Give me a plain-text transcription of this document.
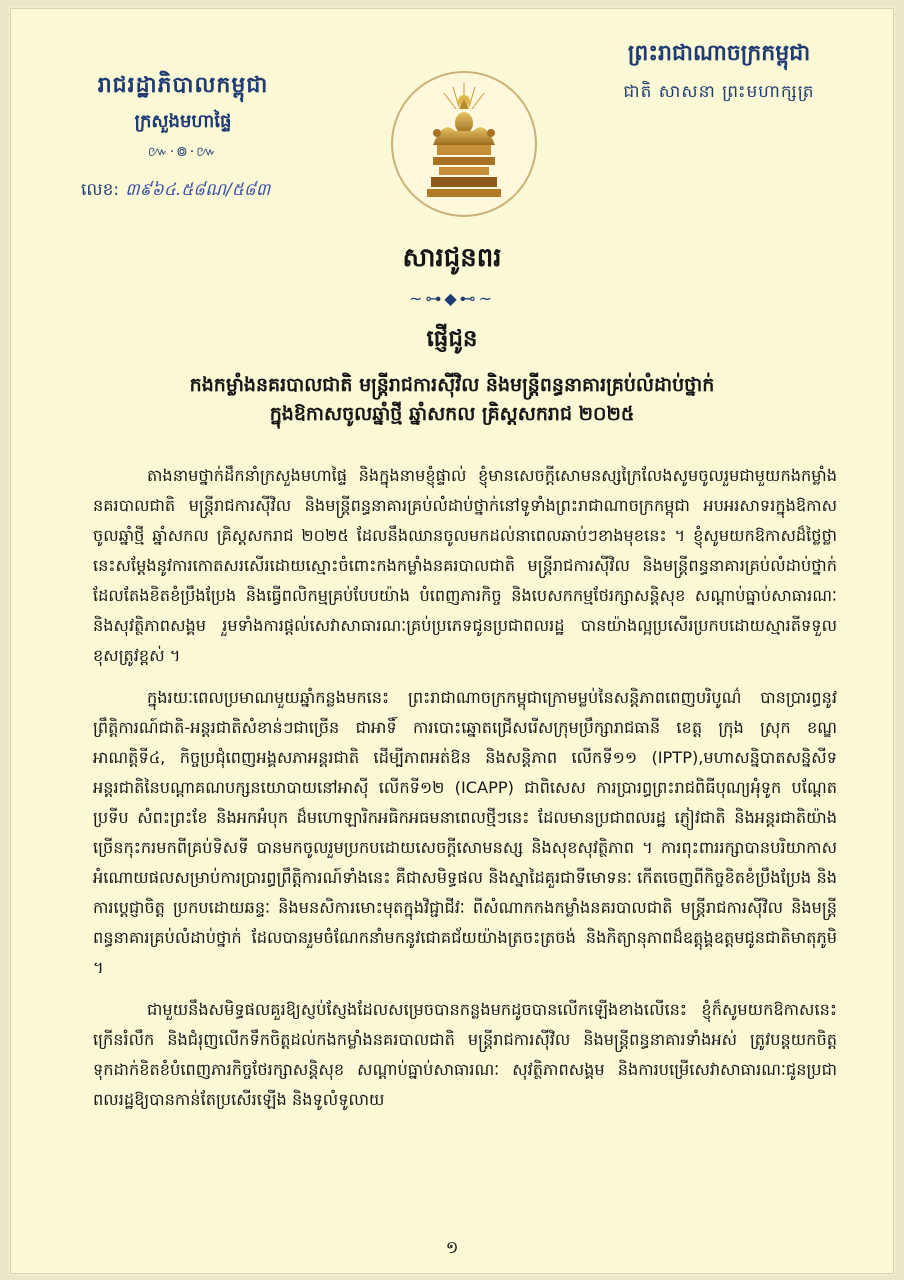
រាជរដ្ឋាភិបាលកម្ពុជា
ក្រសួងមហាផ្ទៃ
៚·៙·៚
លេខ: ៣៩៦៤.៥៨ណ/៥៨៣
ព្រះរាជាណាចក្រកម្ពុជា
ជាតិ សាសនា ព្រះមហាក្សត្រ
សារជូនពរ
~⊶◆⊷~
ផ្ញើជូន
កងកម្លាំងនគរបាលជាតិ មន្ត្រីរាជការស៊ីវិល និងមន្ត្រីពន្ធនាគារគ្រប់លំដាប់ថ្នាក់
ក្នុងឱកាសចូលឆ្នាំថ្មី ឆ្នាំសកល គ្រិស្តសករាជ ២០២៥

តាងនាមថ្នាក់ដឹកនាំក្រសួងមហាផ្ទៃ និងក្នុងនាមខ្ញុំផ្ទាល់ ខ្ញុំមានសេចក្តីសោមនស្សក្រៃលែងសូមចូលរួមជាមួយកងកម្លាំងនគរបាលជាតិ មន្ត្រីរាជការស៊ីវិល និងមន្ត្រីពន្ធនាគារគ្រប់លំដាប់ថ្នាក់នៅទូទាំងព្រះរាជាណាចក្រកម្ពុជា អបអរសាទរក្នុងឱកាសចូលឆ្នាំថ្មី ឆ្នាំសកល គ្រិស្តសករាជ ២០២៥ ដែលនឹងឈានចូលមកដល់នាពេលឆាប់ៗខាងមុខនេះ ។ ខ្ញុំសូមយកឱកាសដ៏ថ្លៃថ្លានេះសម្តែងនូវការកោតសរសើរដោយស្មោះចំពោះកងកម្លាំងនគរបាលជាតិ មន្ត្រីរាជការស៊ីវិល និងមន្ត្រីពន្ធនាគារគ្រប់លំដាប់ថ្នាក់ ដែលតែងខិតខំប្រឹងប្រែង និងធ្វើពលិកម្មគ្រប់បែបយ៉ាង បំពេញភារកិច្ច និងបេសកកម្មថែរក្សាសន្តិសុខ សណ្តាប់ធ្នាប់សាធារណៈ និងសុវត្ថិភាពសង្គម រួមទាំងការផ្តល់សេវាសាធារណៈគ្រប់ប្រភេទជូនប្រជាពលរដ្ឋ បានយ៉ាងល្អប្រសើរប្រកបដោយស្មារតីទទួលខុសត្រូវខ្ពស់ ។

ក្នុងរយៈពេលប្រមាណមួយឆ្នាំកន្លងមកនេះ ព្រះរាជាណាចក្រកម្ពុជាក្រោមម្លប់នៃសន្តិភាពពេញបរិបូណ៌ បានប្រារព្ធនូវព្រឹត្តិការណ៍ជាតិ-អន្តរជាតិសំខាន់ៗជាច្រើន ជាអាទិ៍ ការបោះឆ្នោតជ្រើសរើសក្រុមប្រឹក្សារាជធានី ខេត្ត ក្រុង ស្រុក ខណ្ឌ អាណត្តិទី៤, កិច្ចប្រជុំពេញអង្គសភាអន្តរជាតិ ដើម្បីភាពអត់ឱន និងសន្តិភាព លើកទី១១ (IPTP),មហាសន្និបាតសន្និសីទអន្តរជាតិនៃបណ្តាគណបក្សនយោបាយនៅអាស៊ី លើកទី១២ (ICAPP) ជាពិសេស ការប្រារព្ធព្រះរាជពិធីបុណ្យអុំទូក បណ្តែតប្រទីប សំពះព្រះខែ និងអកអំបុក ដ៏មហោឡារិកអធិកអធមនាពេលថ្មីៗនេះ ដែលមានប្រជាពលរដ្ឋ ភ្ញៀវជាតិ និងអន្តរជាតិយ៉ាងច្រើនកុះករមកពីគ្រប់ទិសទី បានមកចូលរួមប្រកបដោយសេចក្តីសោមនស្ស និងសុខសុវត្ថិភាព ។ ការពុះពាររក្សាបានបរិយាកាសអំណោយផលសម្រាប់ការប្រារព្ធព្រឹត្តិការណ៍ទាំងនេះ គឺជាសមិទ្ធផល និងស្នាដៃគួរជាទីមោទនៈ កើតចេញពីកិច្ចខិតខំប្រឹងប្រែង និងការប្តេជ្ញាចិត្ត ប្រកបដោយឆន្ទៈ និងមនសិការមោះមុតក្នុងវិជ្ជាជីវៈ ពីសំណាកកងកម្លាំងនគរបាលជាតិ មន្ត្រីរាជការស៊ីវិល និងមន្ត្រីពន្ធនាគារគ្រប់លំដាប់ថ្នាក់ ដែលបានរួមចំណែកនាំមកនូវជោគជ័យយ៉ាងត្រចះត្រចង់ និងកិត្យានុភាពដ៏ឧត្តុង្គឧត្តមជូនជាតិមាតុភូមិ ។

ជាមួយនឹងសមិទ្ធផលគួរឱ្យស្ញប់ស្ញែងដែលសម្រេចបានកន្លងមកដូចបានលើកឡើងខាងលើនេះ ខ្ញុំក៏សូមយកឱកាសនេះ ក្រើនរំលឹក និងជំរុញលើកទឹកចិត្តដល់កងកម្លាំងនគរបាលជាតិ មន្ត្រីរាជការស៊ីវិល និងមន្ត្រីពន្ធនាគារទាំងអស់ ត្រូវបន្តយកចិត្តទុកដាក់ខិតខំបំពេញភារកិច្ចថែរក្សាសន្តិសុខ សណ្តាប់ធ្នាប់សាធារណៈ សុវត្ថិភាពសង្គម និងការបម្រើសេវាសាធារណៈជូនប្រជាពលរដ្ឋឱ្យបានកាន់តែប្រសើរឡើង និងទូលំទូលាយ

១
